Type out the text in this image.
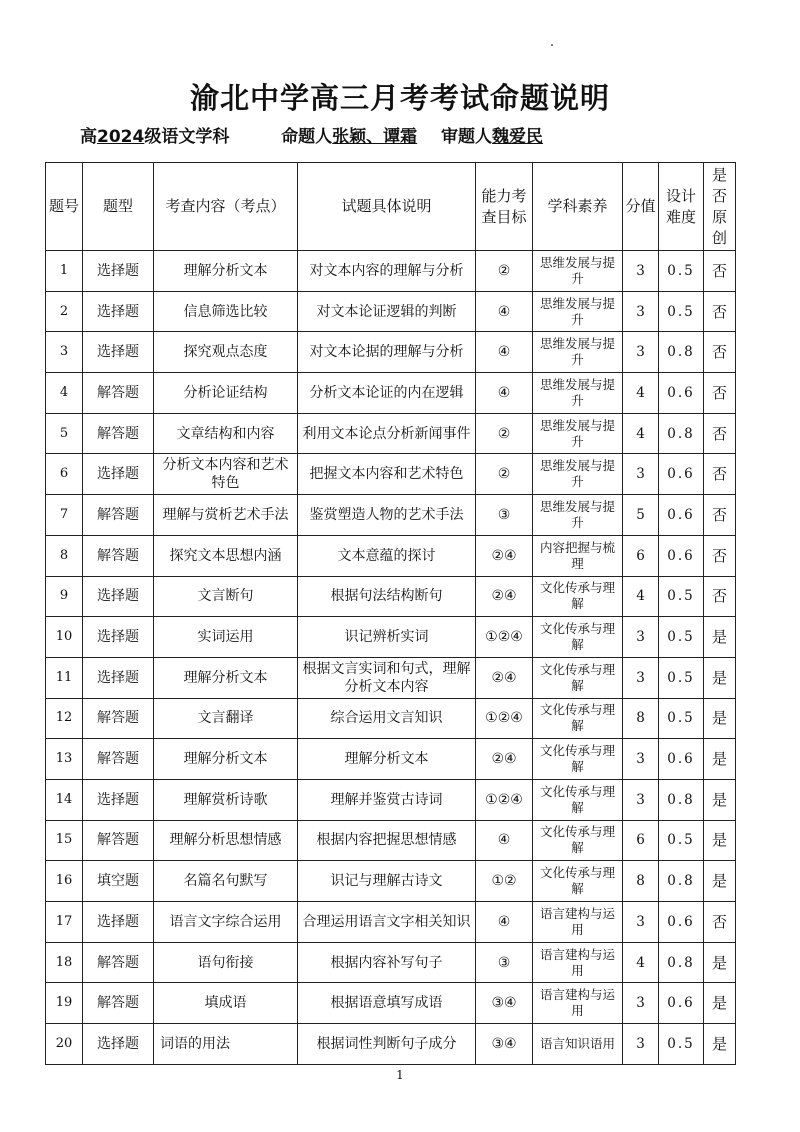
渝北中学高三月考考试命题说明
高2024级语文学科	命题人张颖、谭霜  审题人魏爱民
题号	题型	考查内容（考点）	试题具体说明	能力考查目标	学科素养	分值	设计难度	是否原创
1	选择题	理解分析文本	对文本内容的理解与分析	②	思维发展与提升	3	0.5	否
2	选择题	信息筛选比较	对文本论证逻辑的判断	④	思维发展与提升	3	0.5	否
3	选择题	探究观点态度	对文本论据的理解与分析	④	思维发展与提升	3	0.8	否
4	解答题	分析论证结构	分析文本论证的内在逻辑	④	思维发展与提升	4	0.6	否
5	解答题	文章结构和内容	利用文本论点分析新闻事件	②	思维发展与提升	4	0.8	否
6	选择题	分析文本内容和艺术特色	把握文本内容和艺术特色	②	思维发展与提升	3	0.6	否
7	解答题	理解与赏析艺术手法	鉴赏塑造人物的艺术手法	③	思维发展与提升	5	0.6	否
8	解答题	探究文本思想内涵	文本意蕴的探讨	②④	内容把握与梳理	6	0.6	否
9	选择题	文言断句	根据句法结构断句	②④	文化传承与理解	4	0.5	否
10	选择题	实词运用	识记辨析实词	①②④	文化传承与理解	3	0.5	是
11	选择题	理解分析文本	根据文言实词和句式，理解分析文本内容	②④	文化传承与理解	3	0.5	是
12	解答题	文言翻译	综合运用文言知识	①②④	文化传承与理解	8	0.5	是
13	解答题	理解分析文本	理解分析文本	②④	文化传承与理解	3	0.6	是
14	选择题	理解赏析诗歌	理解并鉴赏古诗词	①②④	文化传承与理解	3	0.8	是
15	解答题	理解分析思想情感	根据内容把握思想情感	④	文化传承与理解	6	0.5	是
16	填空题	名篇名句默写	识记与理解古诗文	①②	文化传承与理解	8	0.8	是
17	选择题	语言文字综合运用	合理运用语言文字相关知识	④	语言建构与运用	3	0.6	否
18	解答题	语句衔接	根据内容补写句子	③	语言建构与运用	4	0.8	是
19	解答题	填成语	根据语意填写成语	③④	语言建构与运用	3	0.6	是
20	选择题	词语的用法	根据词性判断句子成分	③④	语言知识语用	3	0.5	是
1
